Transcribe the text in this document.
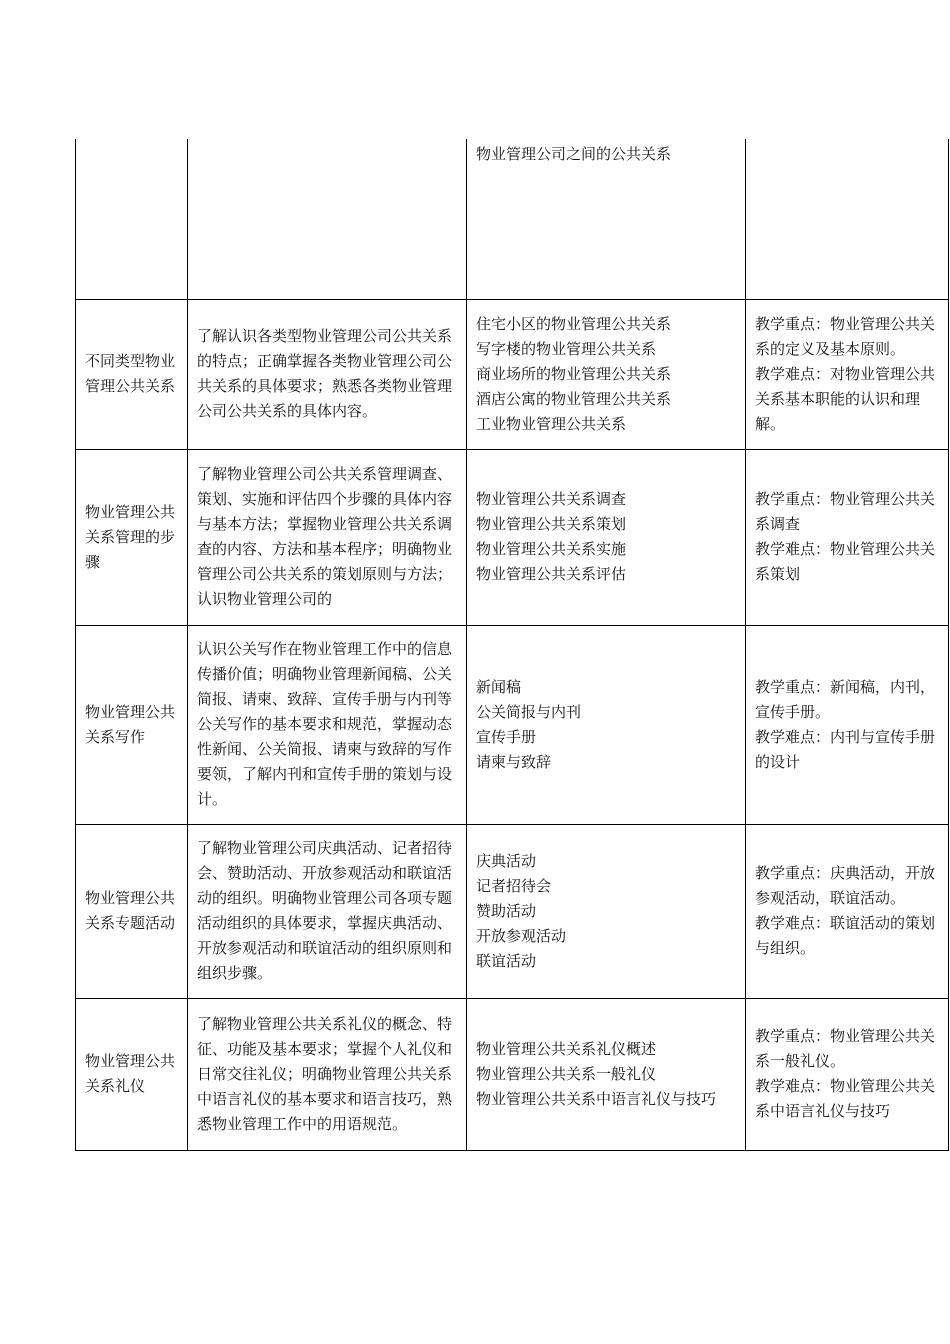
		物业管理公司之间的公共关系	

不同类型物业管理公共关系	了解认识各类型物业管理公司公共关系的特点；正确掌握各类物业管理公司公共关系的具体要求；熟悉各类物业管理公司公共关系的具体内容。	住宅小区的物业管理公共关系
写字楼的物业管理公共关系
商业场所的物业管理公共关系
酒店公寓的物业管理公共关系
工业物业管理公共关系	教学重点：物业管理公共关系的定义及基本原则。
教学难点：对物业管理公共关系基本职能的认识和理解。

物业管理公共关系管理的步骤	了解物业管理公司公共关系管理调查、策划、实施和评估四个步骤的具体内容与基本方法；掌握物业管理公共关系调查的内容、方法和基本程序；明确物业管理公司公共关系的策划原则与方法；认识物业管理公司的	物业管理公共关系调查
物业管理公共关系策划
物业管理公共关系实施
物业管理公共关系评估	教学重点：物业管理公共关系调查
教学难点：物业管理公共关系策划

物业管理公共关系写作	认识公关写作在物业管理工作中的信息传播价值；明确物业管理新闻稿、公关简报、请柬、致辞、宣传手册与内刊等公关写作的基本要求和规范，掌握动态性新闻、公关简报、请柬与致辞的写作要领，了解内刊和宣传手册的策划与设计。	新闻稿
公关简报与内刊
宣传手册
请柬与致辞	教学重点：新闻稿，内刊，宣传手册。
教学难点：内刊与宣传手册的设计

物业管理公共关系专题活动	了解物业管理公司庆典活动、记者招待会、赞助活动、开放参观活动和联谊活动的组织。明确物业管理公司各项专题活动组织的具体要求，掌握庆典活动、开放参观活动和联谊活动的组织原则和组织步骤。	庆典活动
记者招待会
赞助活动
开放参观活动
联谊活动	教学重点：庆典活动，开放参观活动，联谊活动。
教学难点：联谊活动的策划与组织。

物业管理公共关系礼仪	了解物业管理公共关系礼仪的概念、特征、功能及基本要求；掌握个人礼仪和日常交往礼仪；明确物业管理公共关系中语言礼仪的基本要求和语言技巧，熟悉物业管理工作中的用语规范。	物业管理公共关系礼仪概述
物业管理公共关系一般礼仪
物业管理公共关系中语言礼仪与技巧	教学重点：物业管理公共关系一般礼仪。
教学难点：物业管理公共关系中语言礼仪与技巧
